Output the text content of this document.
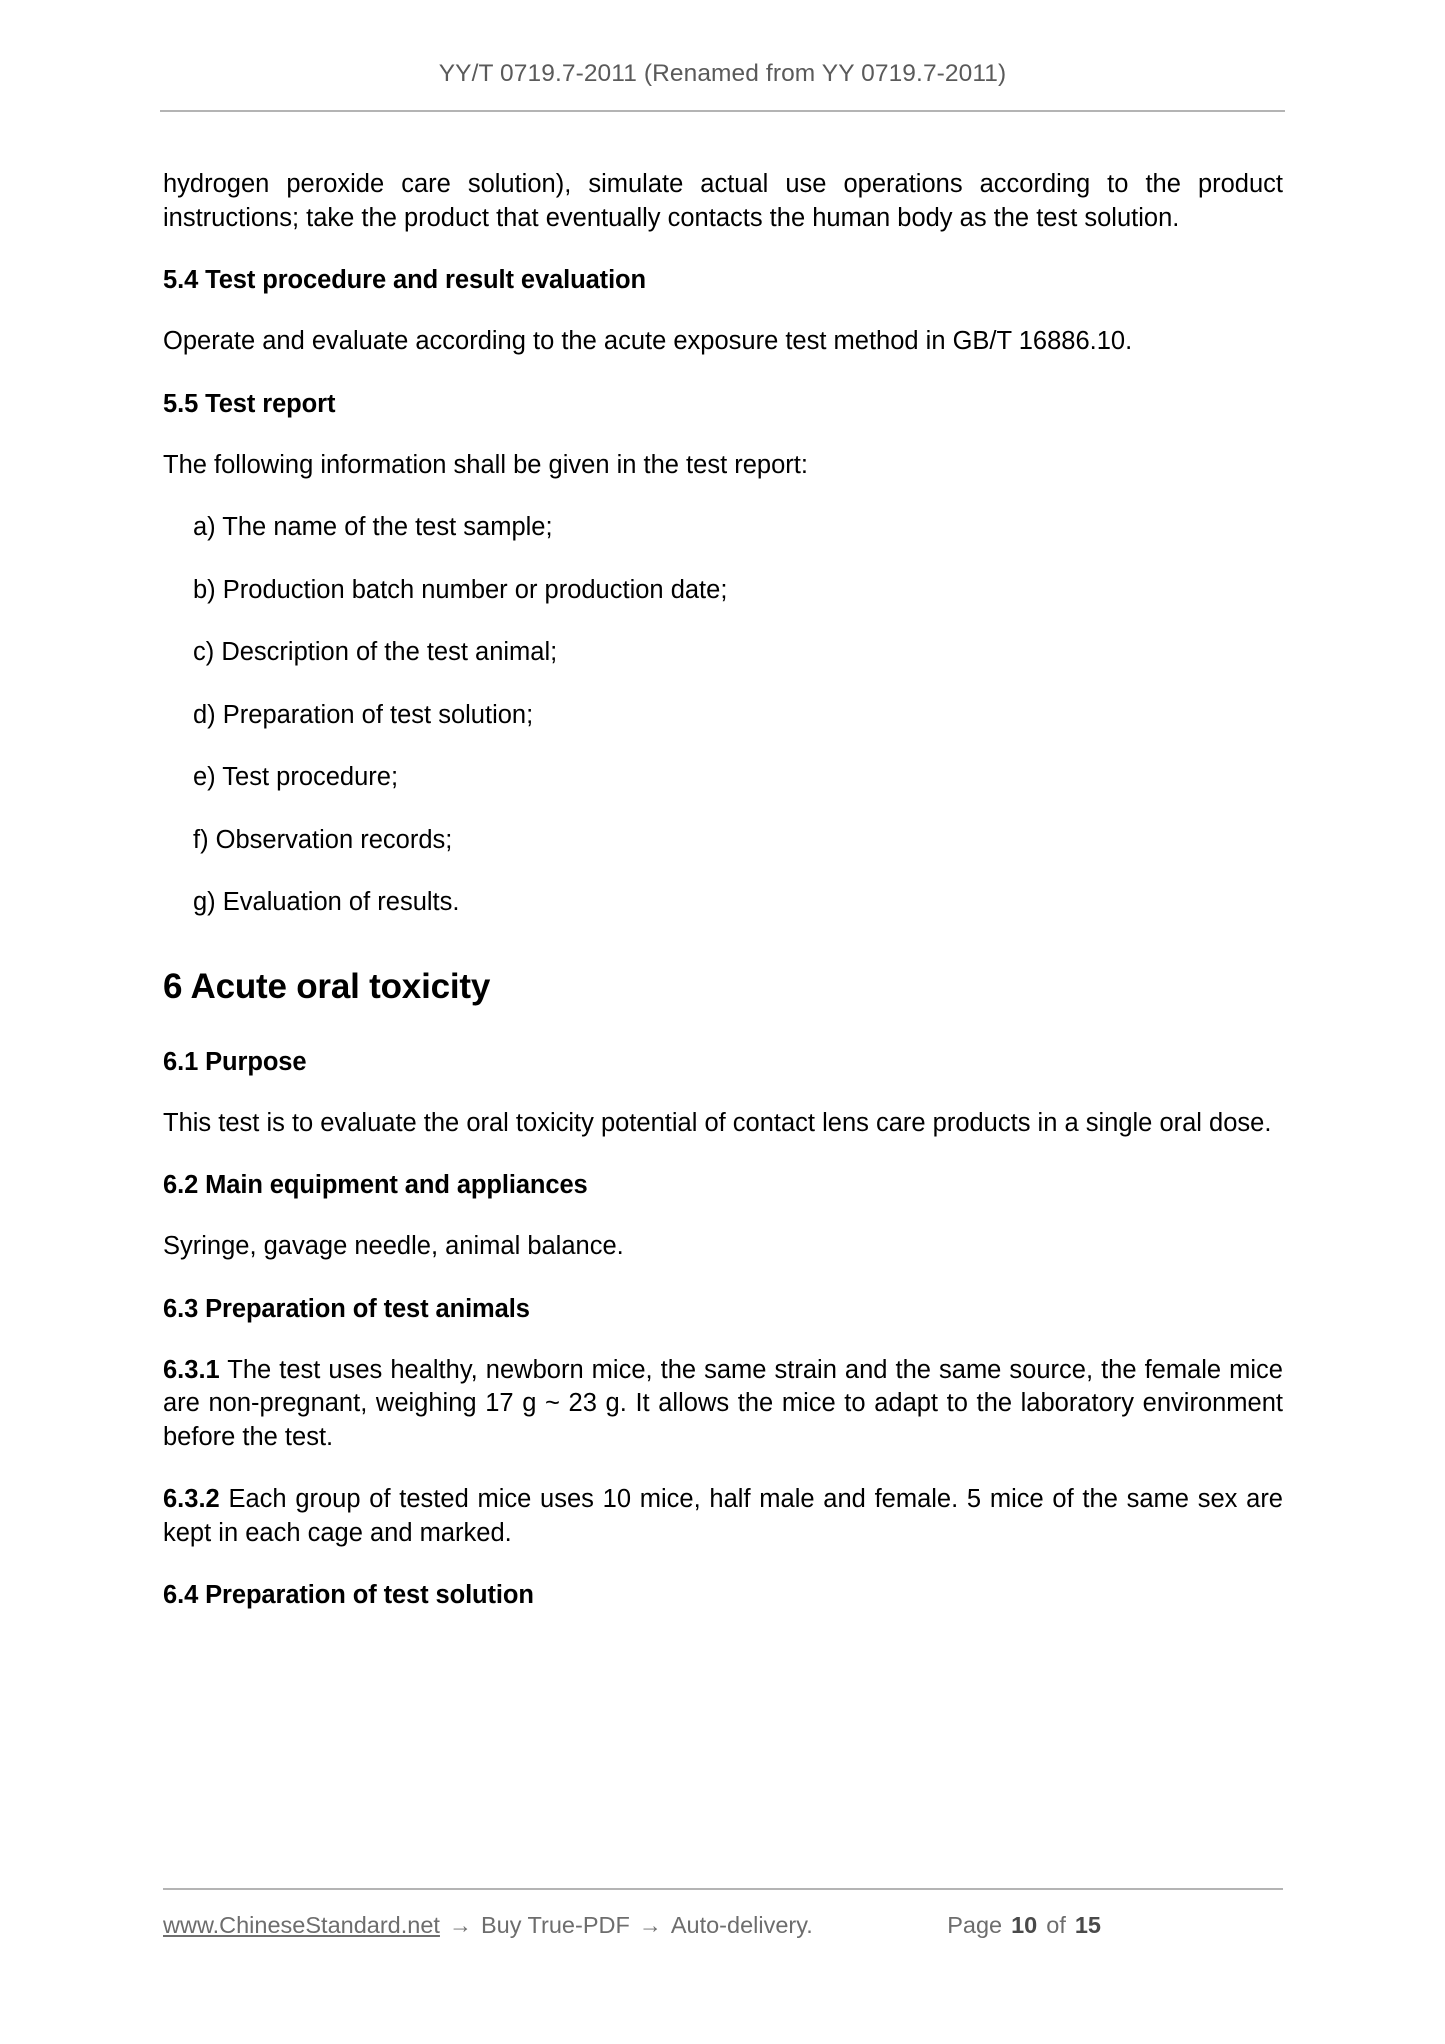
YY/T 0719.7-2011 (Renamed from YY 0719.7-2011)

hydrogen peroxide care solution), simulate actual use operations according to the product instructions; take the product that eventually contacts the human body as the test solution.

5.4 Test procedure and result evaluation

Operate and evaluate according to the acute exposure test method in GB/T 16886.10.

5.5 Test report

The following information shall be given in the test report:

a) The name of the test sample;
b) Production batch number or production date;
c) Description of the test animal;
d) Preparation of test solution;
e) Test procedure;
f) Observation records;
g) Evaluation of results.
6 Acute oral toxicity
6.1 Purpose

This test is to evaluate the oral toxicity potential of contact lens care products in a single oral dose.

6.2 Main equipment and appliances

Syringe, gavage needle, animal balance.

6.3 Preparation of test animals

6.3.1 The test uses healthy, newborn mice, the same strain and the same source, the female mice are non-pregnant, weighing 17 g ~ 23 g. It allows the mice to adapt to the laboratory environment before the test.

6.3.2 Each group of tested mice uses 10 mice, half male and female. 5 mice of the same sex are kept in each cage and marked.

6.4 Preparation of test solution
www.ChineseStandard.net → Buy True-PDF → Auto-delivery.	Page 10 of 15
